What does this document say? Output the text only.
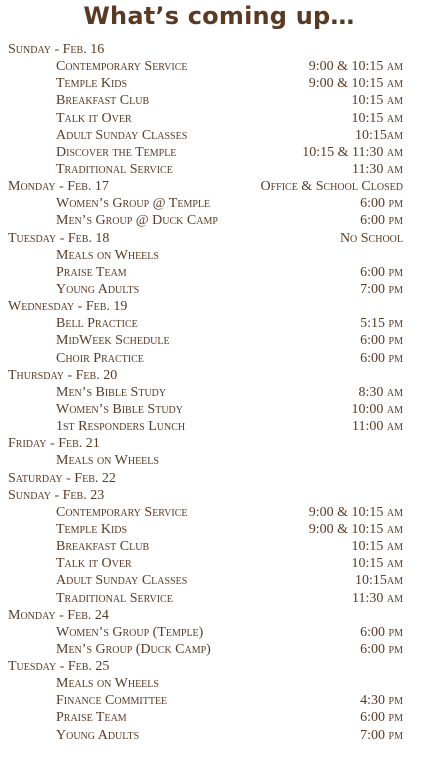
What’s coming up…
Sunday - Feb. 16
Contemporary Service	9:00 & 10:15 am
Temple Kids	9:00 & 10:15 am
Breakfast Club	10:15 am
Talk it Over	10:15 am
Adult Sunday Classes	10:15am
Discover the Temple	10:15 & 11:30 am
Traditional Service	11:30 am
Monday - Feb. 17	Office & School Closed
Women’s Group @ Temple	6:00 pm
Men’s Group @ Duck Camp	6:00 pm
Tuesday - Feb. 18	No School
Meals on Wheels
Praise Team	6:00 pm
Young Adults	7:00 pm
Wednesday - Feb. 19
Bell Practice	5:15 pm
MidWeek Schedule	6:00 pm
Choir Practice	6:00 pm
Thursday - Feb. 20
Men’s Bible Study	8:30 am
Women’s Bible Study	10:00 am
1st Responders Lunch	11:00 am
Friday - Feb. 21
Meals on Wheels
Saturday - Feb. 22
Sunday - Feb. 23
Contemporary Service	9:00 & 10:15 am
Temple Kids	9:00 & 10:15 am
Breakfast Club	10:15 am
Talk it Over	10:15 am
Adult Sunday Classes	10:15am
Traditional Service	11:30 am
Monday - Feb. 24
Women’s Group (Temple)	6:00 pm
Men’s Group (Duck Camp)	6:00 pm
Tuesday - Feb. 25
Meals on Wheels
Finance Committee	4:30 pm
Praise Team	6:00 pm
Young Adults	7:00 pm
